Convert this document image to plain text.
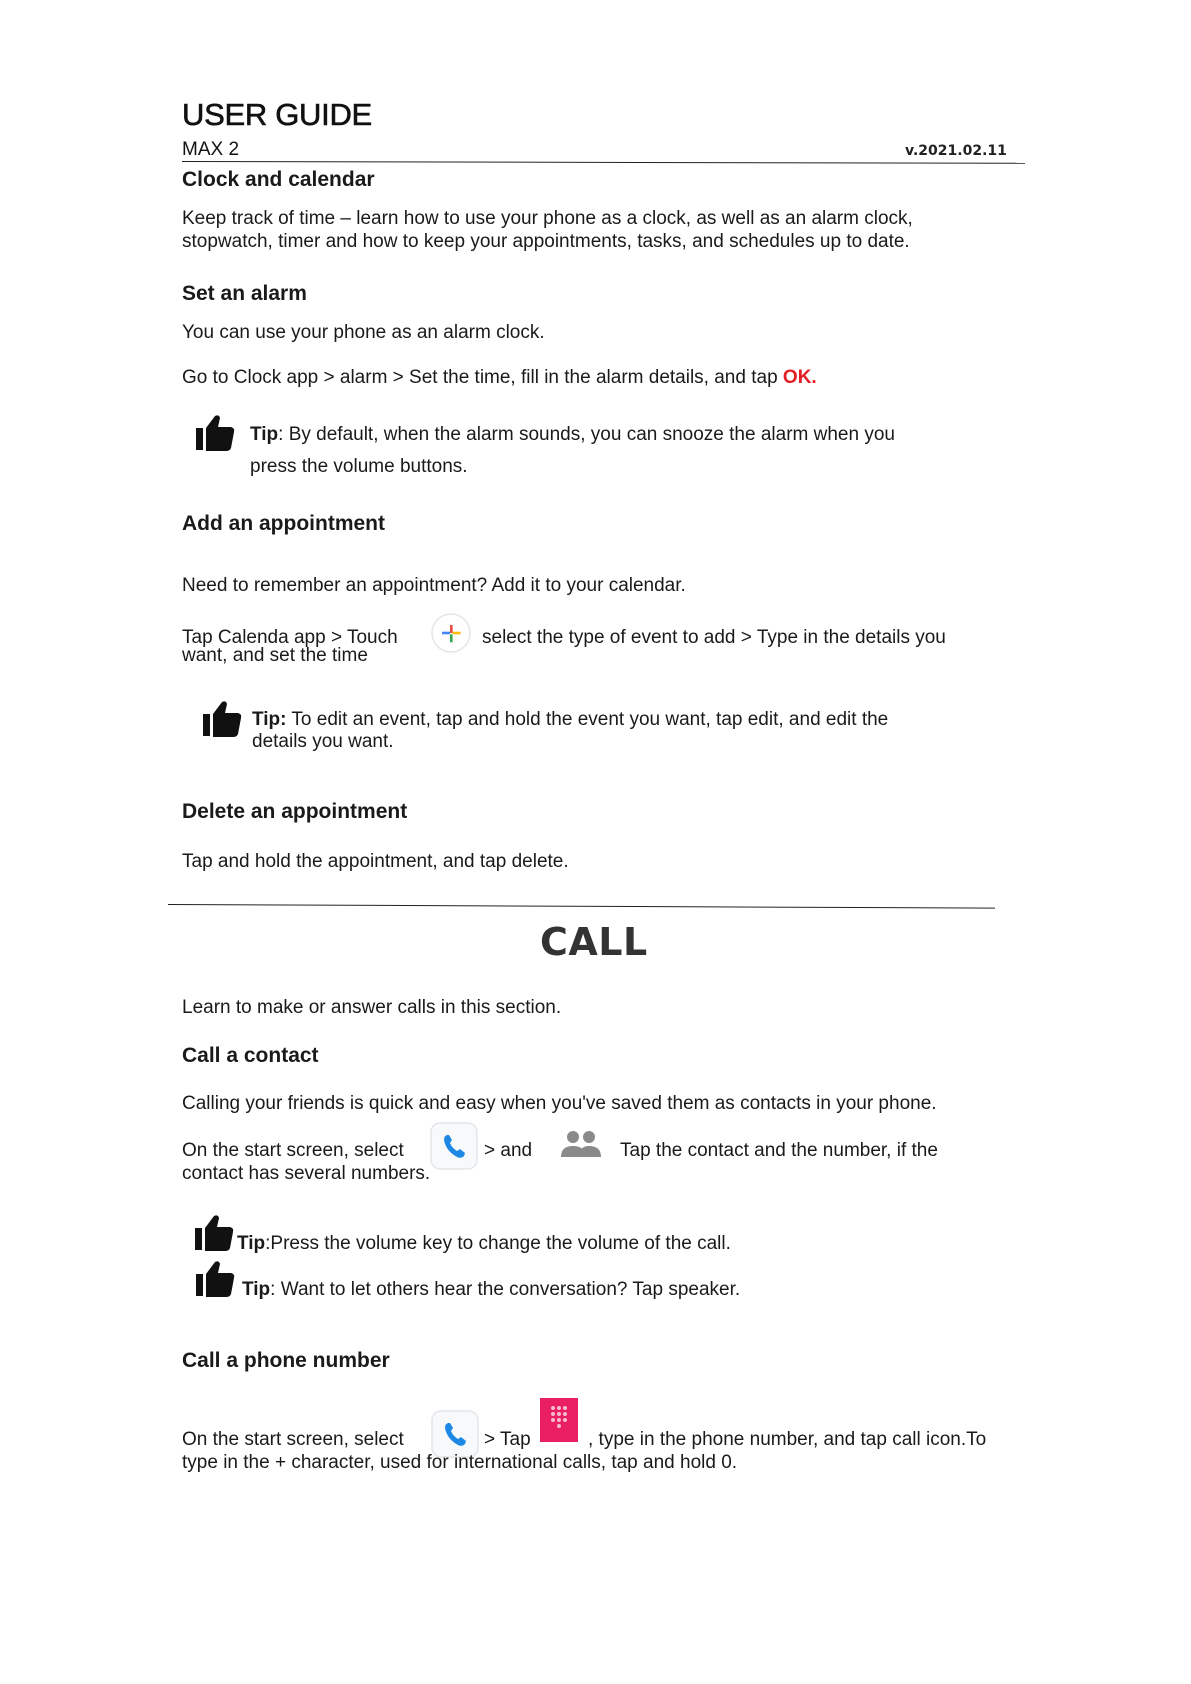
USER GUIDE
MAX 2	v.2021.02.11
Clock and calendar
Keep track of time – learn how to use your phone as a clock, as well as an alarm clock,
stopwatch, timer and how to keep your appointments, tasks, and schedules up to date.
Set an alarm
You can use your phone as an alarm clock.
Go to Clock app > alarm > Set the time, fill in the alarm details, and tap OK.
Tip: By default, when the alarm sounds, you can snooze the alarm when you
press the volume buttons.
Add an appointment
Need to remember an appointment? Add it to your calendar.
Tap Calenda app > Touch	select the type of event to add > Type in the details you
want, and set the time
Tip: To edit an event, tap and hold the event you want, tap edit, and edit the
details you want.
Delete an appointment
Tap and hold the appointment, and tap delete.
CALL
Learn to make or answer calls in this section.
Call a contact
Calling your friends is quick and easy when you've saved them as contacts in your phone.
On the start screen, select	> and	Tap the contact and the number, if the
contact has several numbers.
Tip:Press the volume key to change the volume of the call.
Tip: Want to let others hear the conversation? Tap speaker.
Call a phone number
On the start screen, select	> Tap	, type in the phone number, and tap call icon.To
type in the + character, used for international calls, tap and hold 0.
